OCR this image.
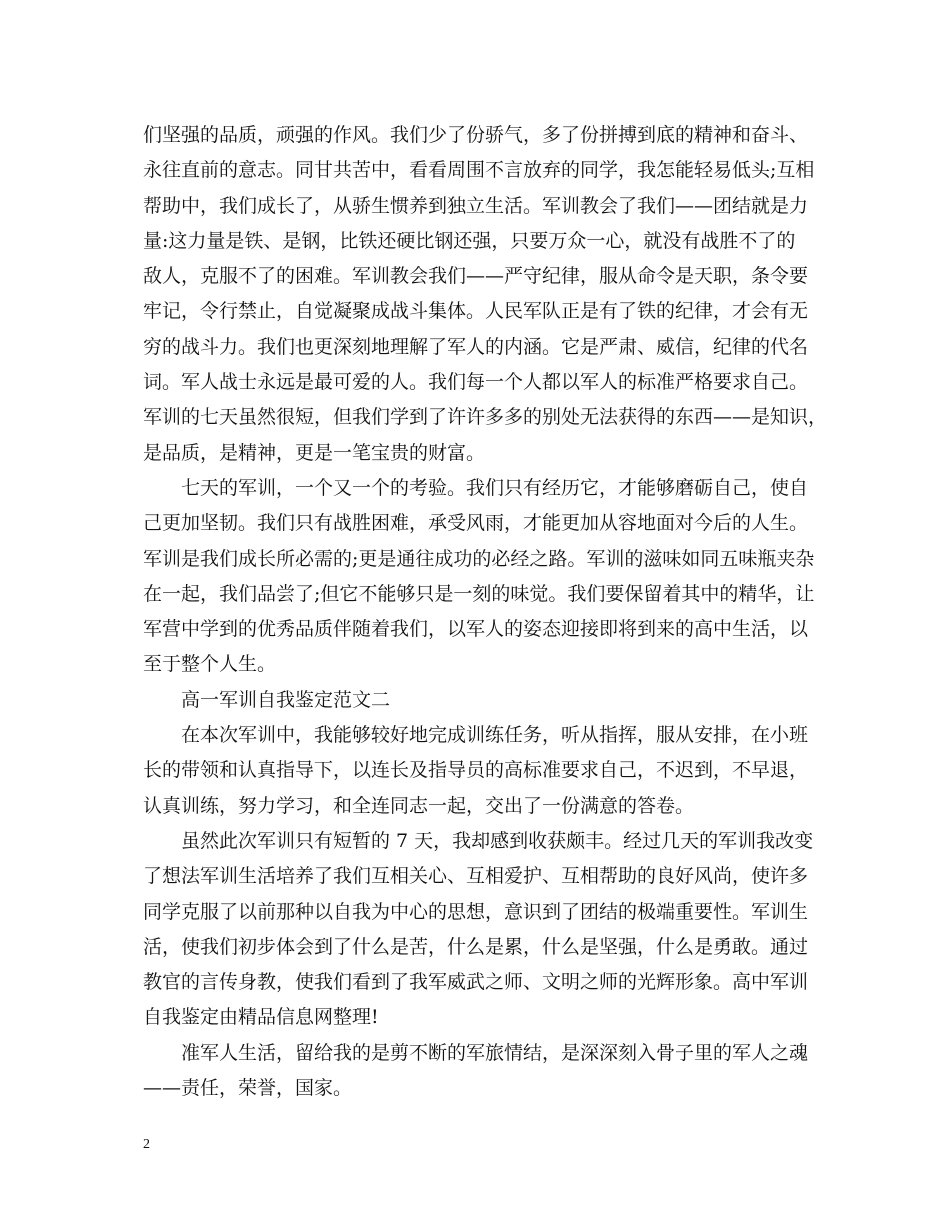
们坚强的品质，顽强的作风。我们少了份骄气，多了份拼搏到底的精神和奋斗、
永往直前的意志。同甘共苦中，看看周围不言放弃的同学，我怎能轻易低头;互相
帮助中，我们成长了，从骄生惯养到独立生活。军训教会了我们——团结就是力
量:这力量是铁、是钢，比铁还硬比钢还强，只要万众一心，就没有战胜不了的
敌人，克服不了的困难。军训教会我们——严守纪律，服从命令是天职，条令要
牢记，令行禁止，自觉凝聚成战斗集体。人民军队正是有了铁的纪律，才会有无
穷的战斗力。我们也更深刻地理解了军人的内涵。它是严肃、威信，纪律的代名
词。军人战士永远是最可爱的人。我们每一个人都以军人的标准严格要求自己。
军训的七天虽然很短，但我们学到了许许多多的别处无法获得的东西——是知识，
是品质，是精神，更是一笔宝贵的财富。

七天的军训，一个又一个的考验。我们只有经历它，才能够磨砺自己，使自
己更加坚韧。我们只有战胜困难，承受风雨，才能更加从容地面对今后的人生。
军训是我们成长所必需的;更是通往成功的必经之路。军训的滋味如同五味瓶夹杂
在一起，我们品尝了;但它不能够只是一刻的味觉。我们要保留着其中的精华，让
军营中学到的优秀品质伴随着我们，以军人的姿态迎接即将到来的高中生活，以
至于整个人生。

高一军训自我鉴定范文二

在本次军训中，我能够较好地完成训练任务，听从指挥，服从安排，在小班
长的带领和认真指导下，以连长及指导员的高标准要求自己，不迟到，不早退，
认真训练，努力学习，和全连同志一起，交出了一份满意的答卷。

虽然此次军训只有短暂的 7 天，我却感到收获颇丰。经过几天的军训我改变
了想法军训生活培养了我们互相关心、互相爱护、互相帮助的良好风尚，使许多
同学克服了以前那种以自我为中心的思想，意识到了团结的极端重要性。军训生
活，使我们初步体会到了什么是苦，什么是累，什么是坚强，什么是勇敢。通过
教官的言传身教，使我们看到了我军威武之师、文明之师的光辉形象。高中军训
自我鉴定由精品信息网整理!

准军人生活，留给我的是剪不断的军旅情结，是深深刻入骨子里的军人之魂
——责任，荣誉，国家。

2
